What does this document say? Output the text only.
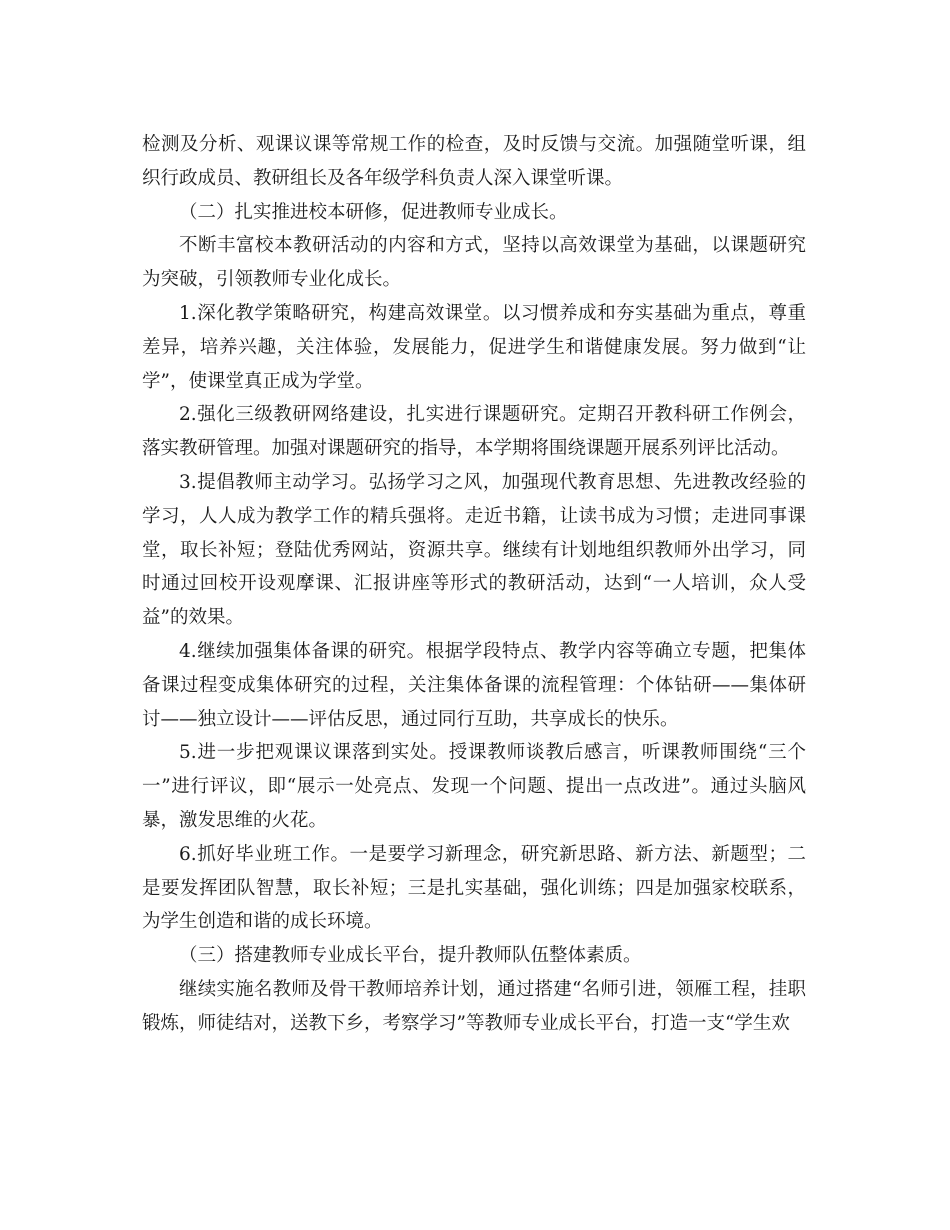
检测及分析、观课议课等常规工作的检查，及时反馈与交流。加强随堂听课，组织行政成员、教研组长及各年级学科负责人深入课堂听课。

（二）扎实推进校本研修，促进教师专业成长。

不断丰富校本教研活动的内容和方式，坚持以高效课堂为基础，以课题研究为突破，引领教师专业化成长。

1.深化教学策略研究，构建高效课堂。以习惯养成和夯实基础为重点，尊重差异，培养兴趣，关注体验，发展能力，促进学生和谐健康发展。努力做到“让学”，使课堂真正成为学堂。

2.强化三级教研网络建设，扎实进行课题研究。定期召开教科研工作例会，落实教研管理。加强对课题研究的指导，本学期将围绕课题开展系列评比活动。

3.提倡教师主动学习。弘扬学习之风，加强现代教育思想、先进教改经验的学习，人人成为教学工作的精兵强将。走近书籍，让读书成为习惯；走进同事课堂，取长补短；登陆优秀网站，资源共享。继续有计划地组织教师外出学习，同时通过回校开设观摩课、汇报讲座等形式的教研活动，达到“一人培训，众人受益”的效果。

4.继续加强集体备课的研究。根据学段特点、教学内容等确立专题，把集体备课过程变成集体研究的过程，关注集体备课的流程管理：个体钻研——集体研讨——独立设计——评估反思，通过同行互助，共享成长的快乐。

5.进一步把观课议课落到实处。授课教师谈教后感言，听课教师围绕“三个一”进行评议，即“展示一处亮点、发现一个问题、提出一点改进”。通过头脑风暴，激发思维的火花。

6.抓好毕业班工作。一是要学习新理念，研究新思路、新方法、新题型；二是要发挥团队智慧，取长补短；三是扎实基础，强化训练；四是加强家校联系，为学生创造和谐的成长环境。

（三）搭建教师专业成长平台，提升教师队伍整体素质。

继续实施名教师及骨干教师培养计划，通过搭建“名师引进，领雁工程，挂职锻炼，师徒结对，送教下乡，考察学习”等教师专业成长平台，打造一支“学生欢
